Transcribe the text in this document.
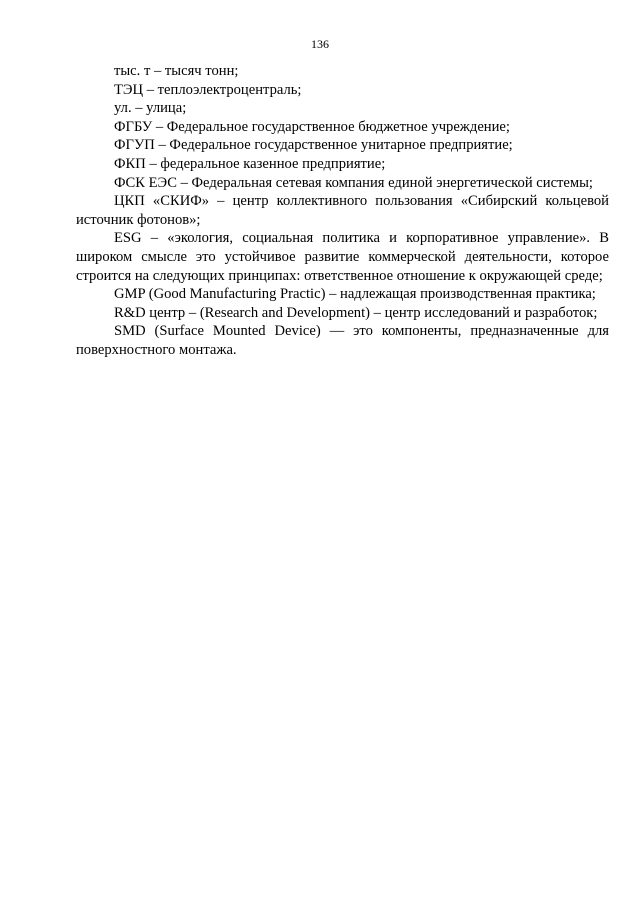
136

тыс. т – тысяч тонн;

ТЭЦ – теплоэлектроцентраль;

ул. – улица;

ФГБУ – Федеральное государственное бюджетное учреждение;

ФГУП – Федеральное государственное унитарное предприятие;

ФКП – федеральное казенное предприятие;

ФСК ЕЭС – Федеральная сетевая компания единой энергетической системы;

ЦКП «СКИФ» – центр коллективного пользования «Сибирский кольцевой источник фотонов»;

ESG – «экология, социальная политика и корпоративное управление». В широком смысле это устойчивое развитие коммерческой деятельности, которое строится на следующих принципах: ответственное отношение к окружающей среде;

GMP (Good Manufacturing Practic) – надлежащая производственная практика;

R&D центр – (Research and Development) – центр исследований и разработок;

SMD (Surface Mounted Device) — это компоненты, предназначенные для поверхностного монтажа.
